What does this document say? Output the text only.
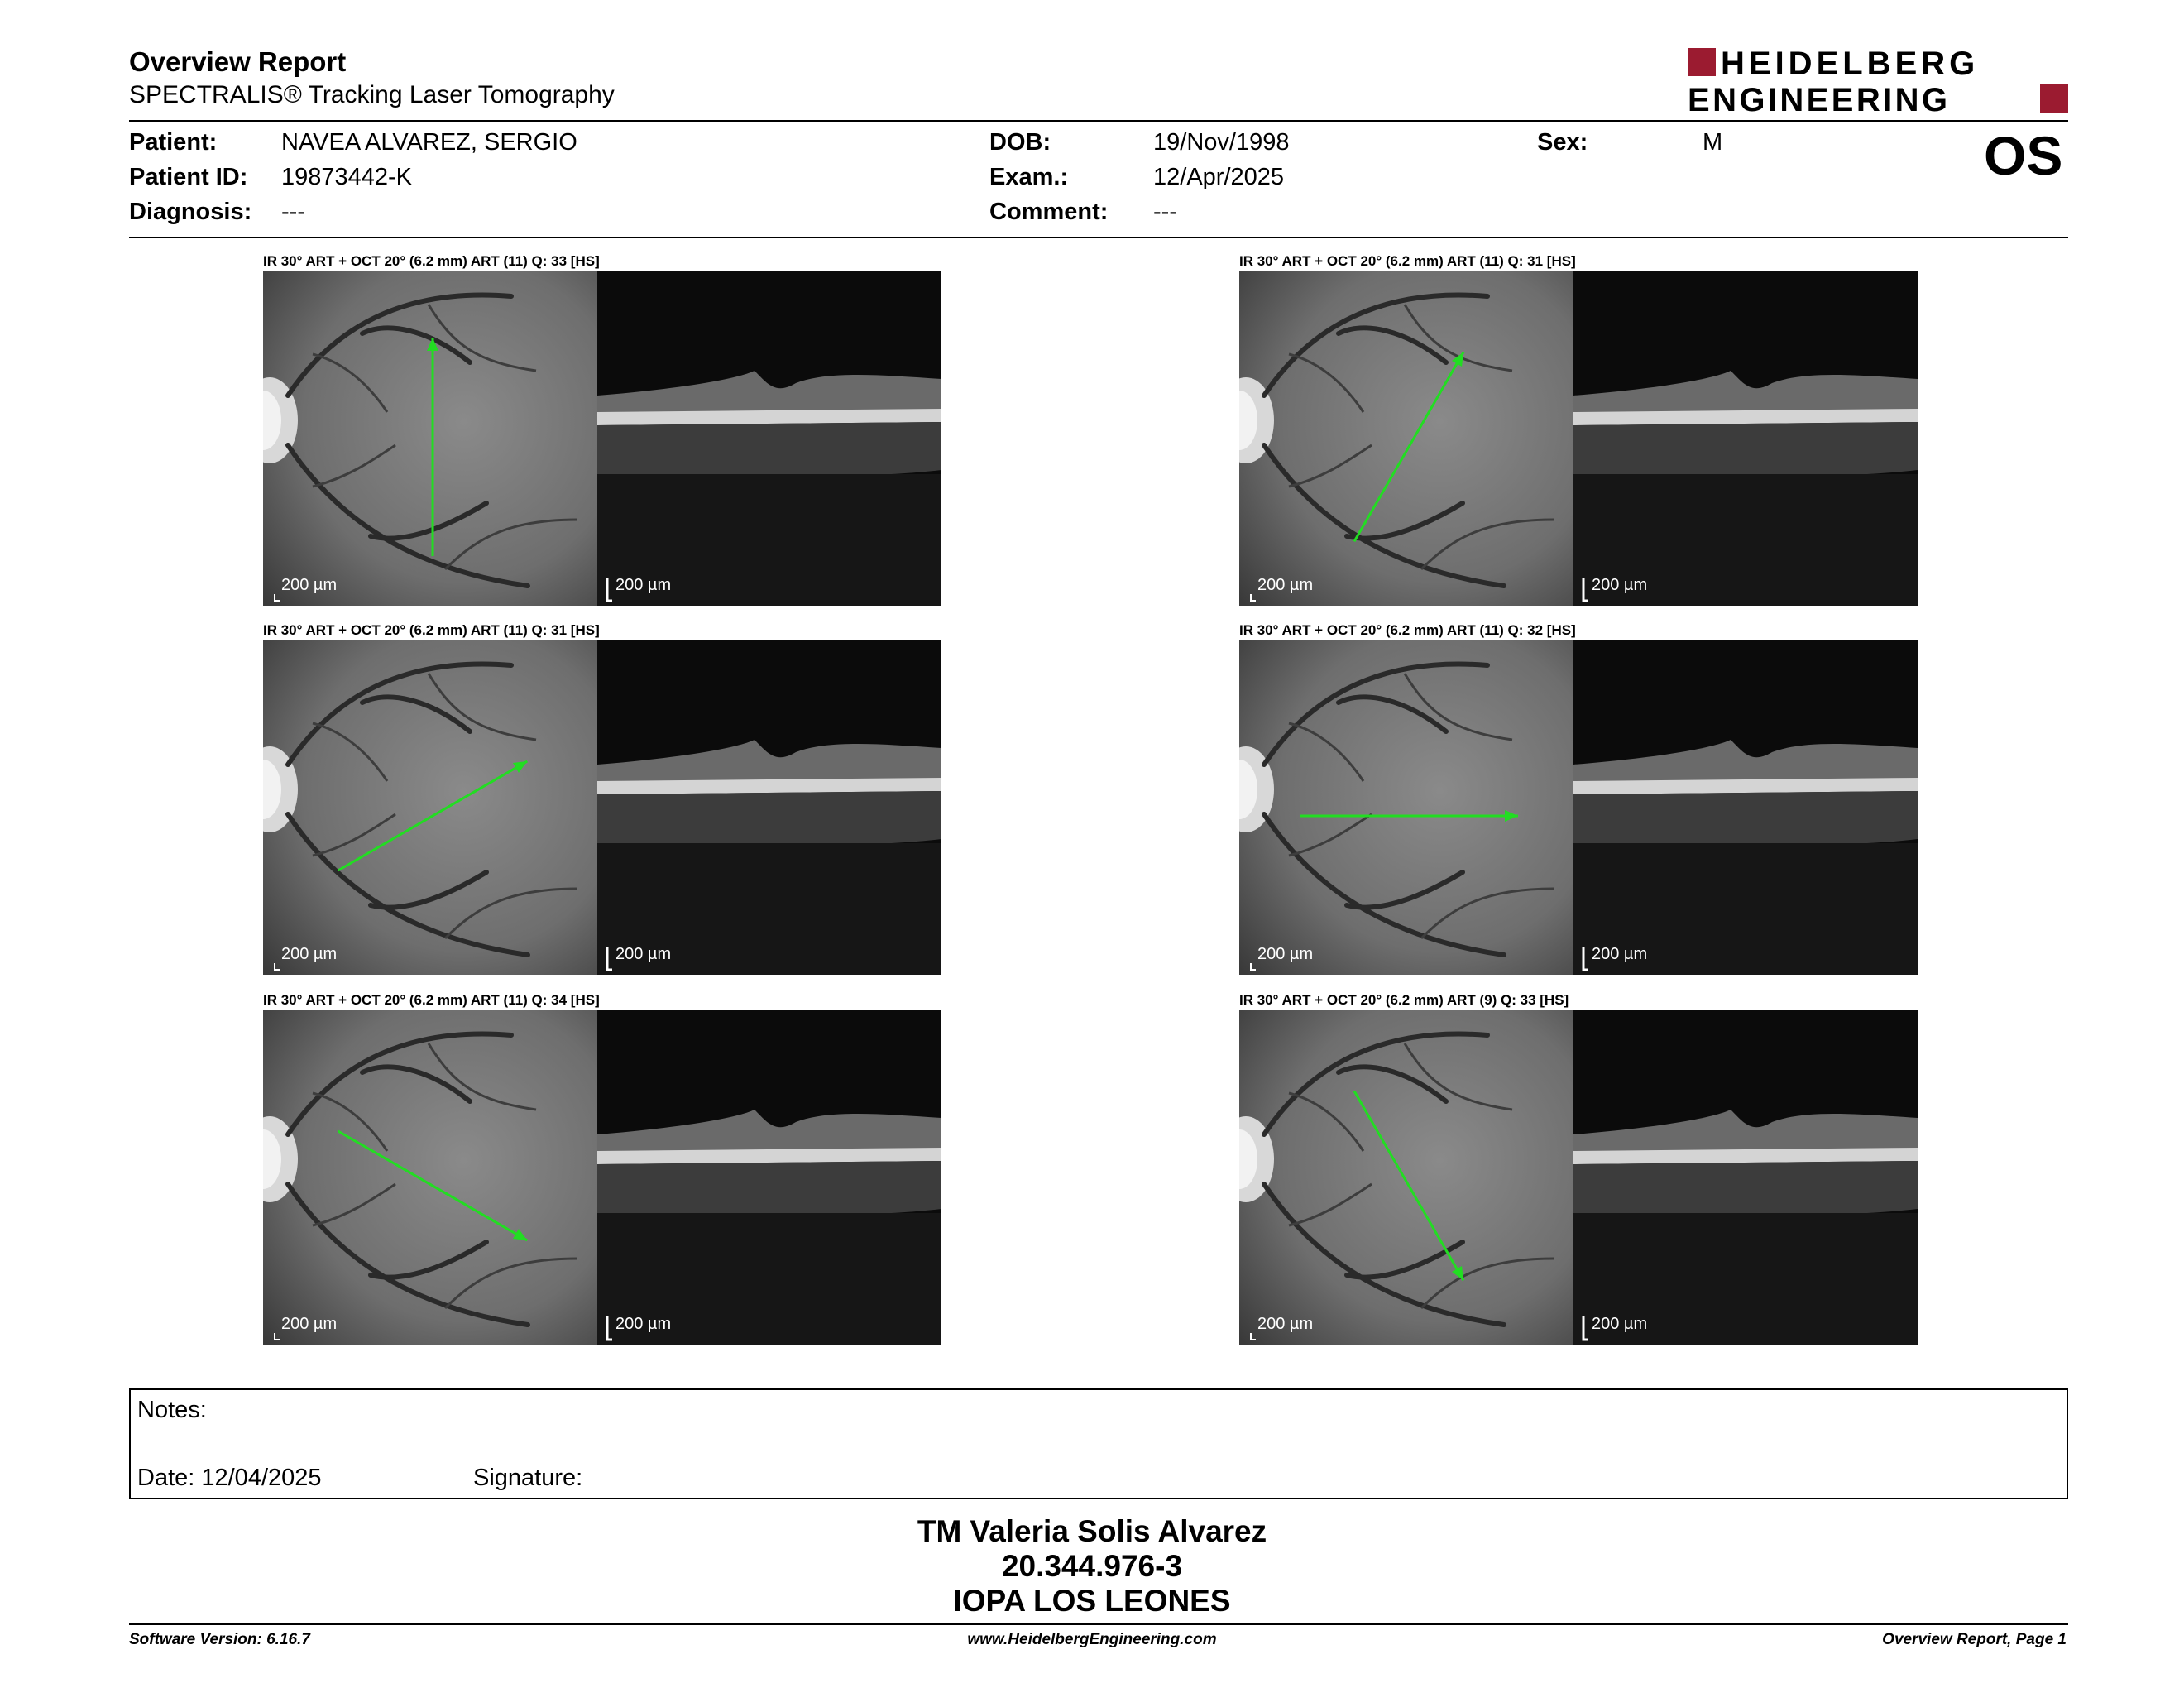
Overview Report
SPECTRALIS® Tracking Laser Tomography
HEIDELBERG
ENGINEERING
Patient:	NAVEA ALVAREZ, SERGIO
Patient ID: 19873442-K
Diagnosis: ---
DOB:	19/Nov/1998
Exam.:	12/Apr/2025
Comment: ---
Sex:	M	OS
IR 30° ART + OCT 20° (6.2 mm) ART (11) Q: 33 [HS]
200 µm	200 µm
IR 30° ART + OCT 20° (6.2 mm) ART (11) Q: 31 [HS]
200 µm	200 µm
IR 30° ART + OCT 20° (6.2 mm) ART (11) Q: 31 [HS]
200 µm	200 µm
IR 30° ART + OCT 20° (6.2 mm) ART (11) Q: 32 [HS]
200 µm	200 µm
IR 30° ART + OCT 20° (6.2 mm) ART (11) Q: 34 [HS]
200 µm	200 µm
IR 30° ART + OCT 20° (6.2 mm) ART (9) Q: 33 [HS]
200 µm	200 µm
Notes:
Date: 12/04/2025	Signature:
TM Valeria Solis Alvarez
20.344.976-3
IOPA LOS LEONES
Software Version: 6.16.7	www.HeidelbergEngineering.com	Overview Report, Page 1
